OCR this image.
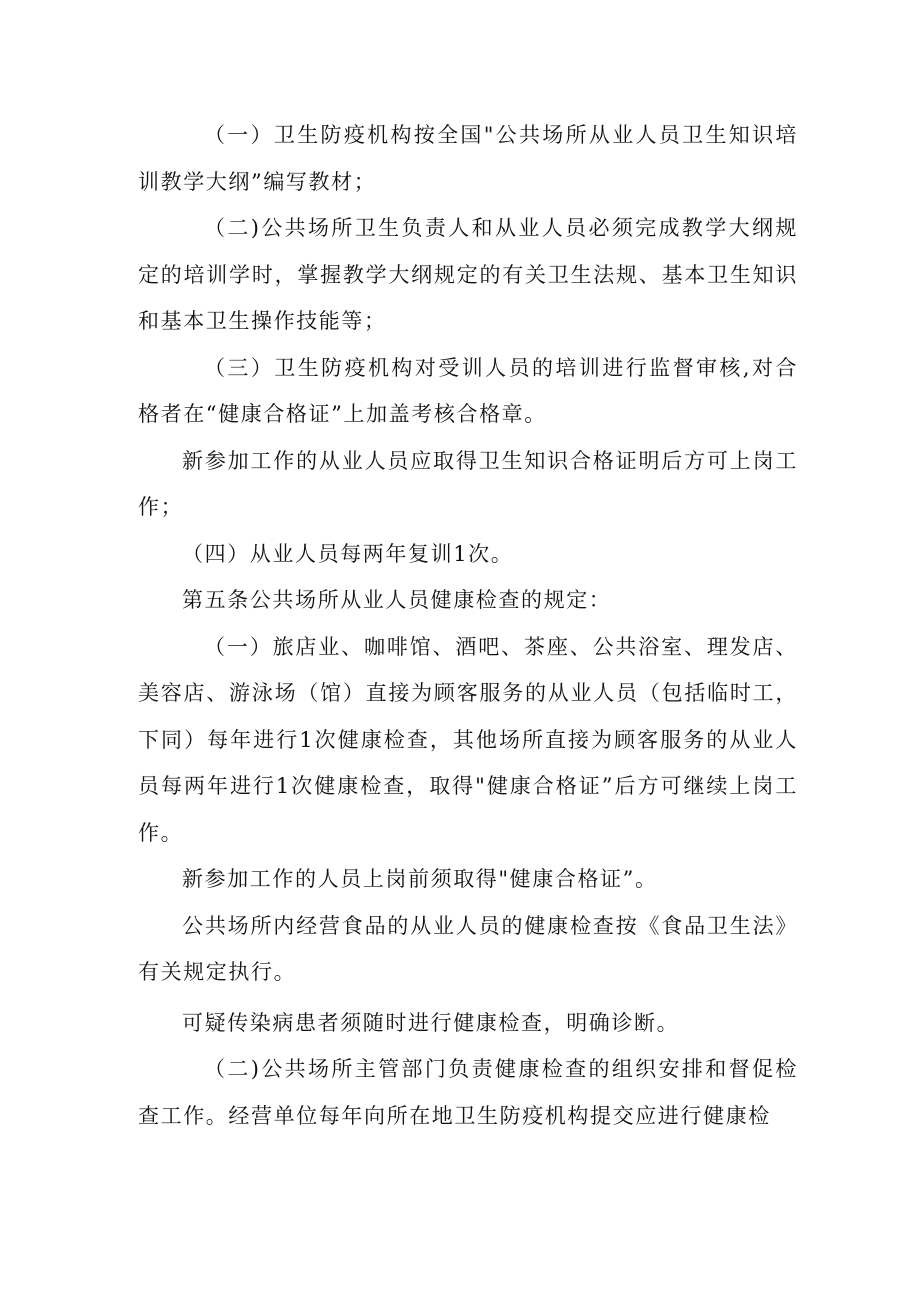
（一）卫生防疫机构按全国"公共场所从业人员卫生知识培训教学大纲”编写教材；

（二)公共场所卫生负责人和从业人员必须完成教学大纲规定的培训学时，掌握教学大纲规定的有关卫生法规、基本卫生知识和基本卫生操作技能等；

（三）卫生防疫机构对受训人员的培训进行监督审核,对合格者在“健康合格证”上加盖考核合格章。

新参加工作的从业人员应取得卫生知识合格证明后方可上岗工作；

（四）从业人员每两年复训1次。

第五条公共场所从业人员健康检查的规定：

（一）旅店业、咖啡馆、酒吧、茶座、公共浴室、理发店、美容店、游泳场（馆）直接为顾客服务的从业人员（包括临时工，下同）每年进行1次健康检查，其他场所直接为顾客服务的从业人员每两年进行1次健康检查，取得"健康合格证”后方可继续上岗工作。

新参加工作的人员上岗前须取得"健康合格证”。

公共场所内经营食品的从业人员的健康检查按《食品卫生法》有关规定执行。

可疑传染病患者须随时进行健康检查，明确诊断。

（二)公共场所主管部门负责健康检查的组织安排和督促检查工作。经营单位每年向所在地卫生防疫机构提交应进行健康检
